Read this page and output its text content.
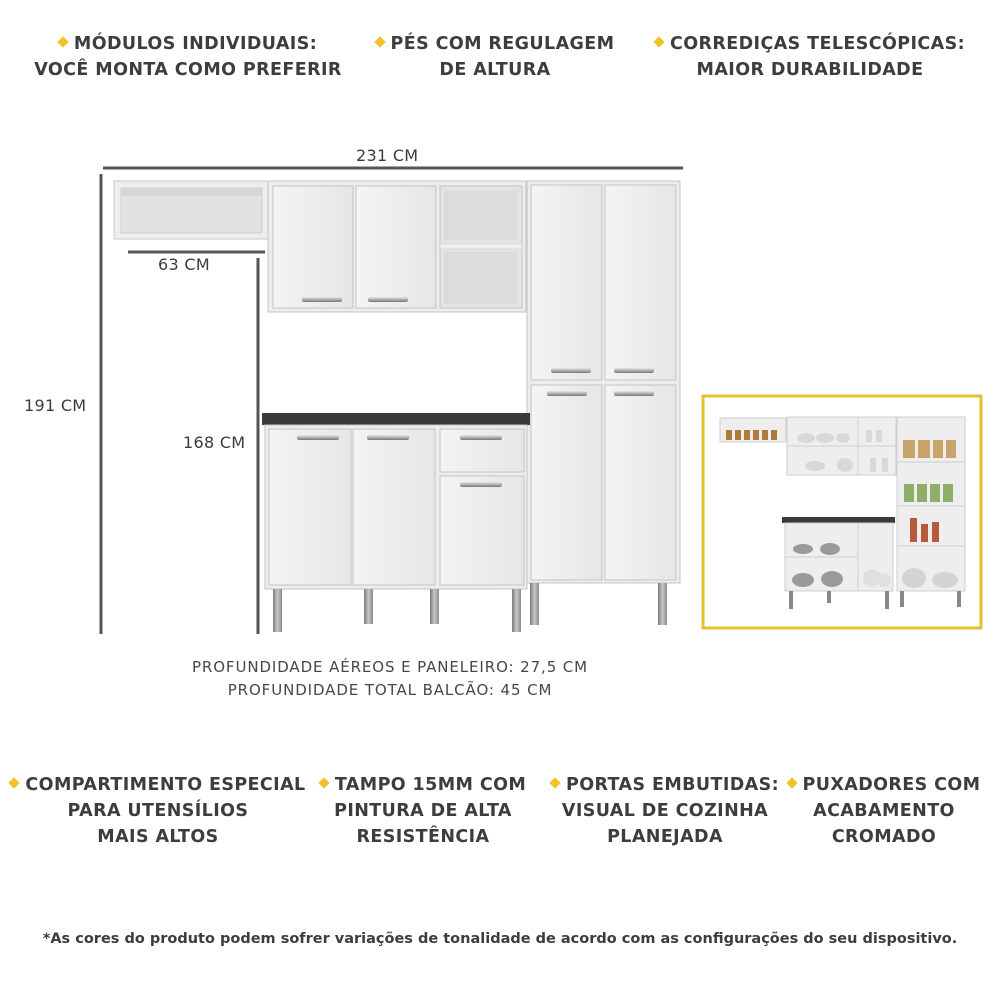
MÓDULOS INDIVIDUAIS:
VOCÊ MONTA COMO PREFERIR
PÉS COM REGULAGEM
DE ALTURA
CORREDIÇAS TELESCÓPICAS:
MAIOR DURABILIDADE
231 CM
63 CM
191 CM
168 CM
PROFUNDIDADE AÉREOS E PANELEIRO: 27,5 CM
PROFUNDIDADE TOTAL BALCÃO: 45 CM
COMPARTIMENTO ESPECIAL
PARA UTENSÍLIOS
MAIS ALTOS
TAMPO 15MM COM
PINTURA DE ALTA
RESISTÊNCIA
PORTAS EMBUTIDAS:
VISUAL DE COZINHA
PLANEJADA
PUXADORES COM
ACABAMENTO
CROMADO
*As cores do produto podem sofrer variações de tonalidade de acordo com as configurações do seu dispositivo.
